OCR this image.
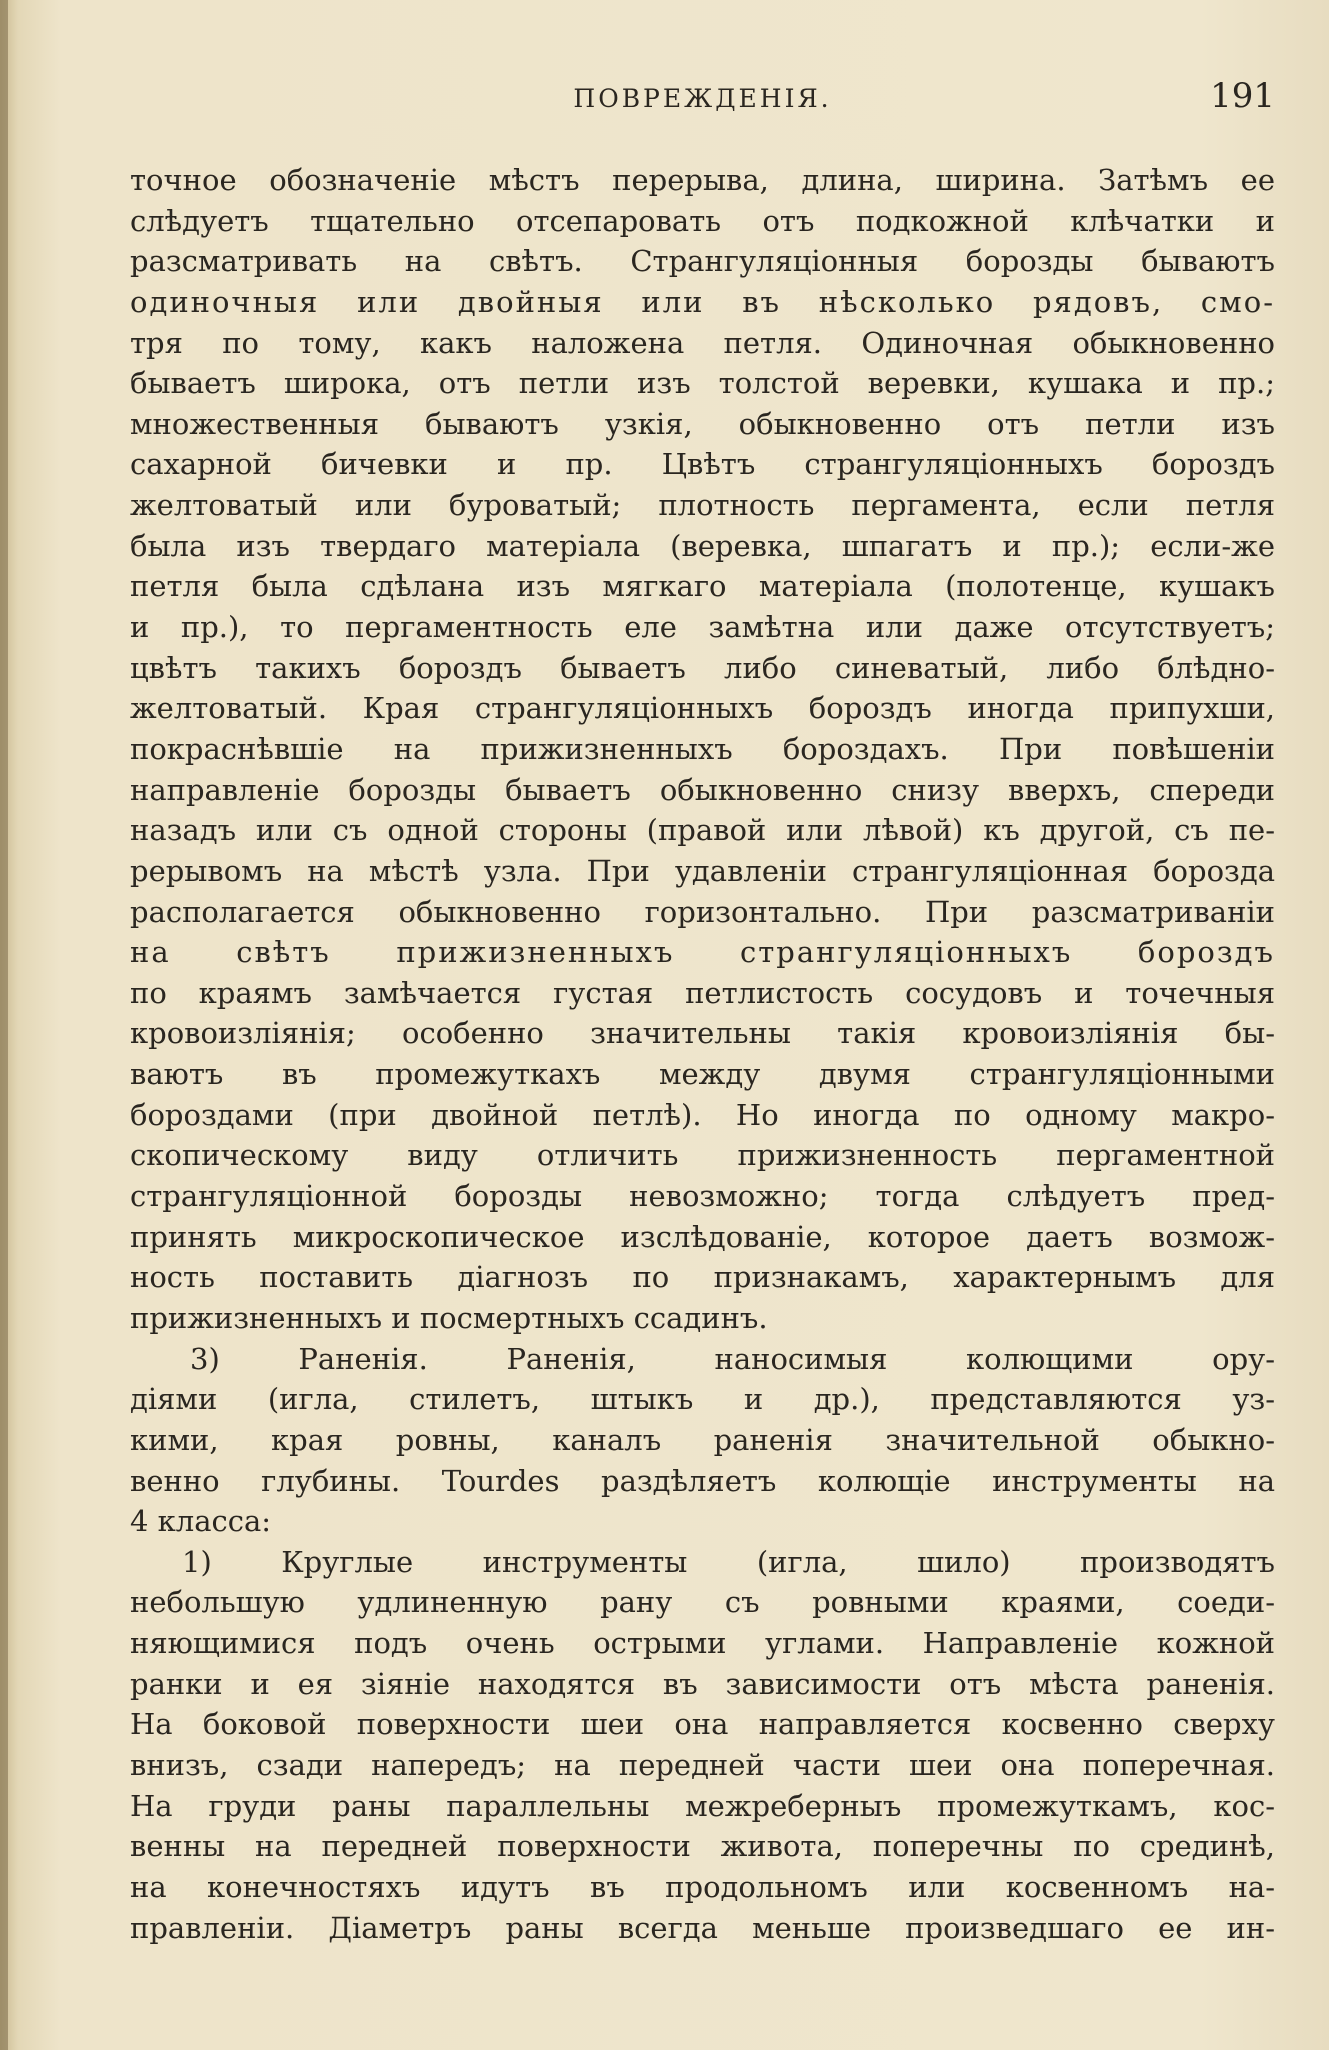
ПОВРЕЖДЕНІЯ.	191
точное обозначеніе мѣстъ перерыва, длина, ширина. Затѣмъ ее
слѣдуетъ тщательно отсепаровать отъ подкожной клѣчатки и
разсматривать на свѣтъ. Странгуляціонныя борозды бываютъ
одиночныя или двойныя или въ нѣсколько рядовъ, смо-
тря по тому, какъ наложена петля. Одиночная обыкновенно
бываетъ широка, отъ петли изъ толстой веревки, кушака и пр.;
множественныя бываютъ узкія, обыкновенно отъ петли изъ
сахарной бичевки и пр. Цвѣтъ странгуляціонныхъ бороздъ
желтоватый или буроватый; плотность пергамента, если петля
была изъ твердаго матеріала (веревка, шпагатъ и пр.); если-же
петля была сдѣлана изъ мягкаго матеріала (полотенце, кушакъ
и пр.), то пергаментность еле замѣтна или даже отсутствуетъ;
цвѣтъ такихъ бороздъ бываетъ либо синеватый, либо блѣдно-
желтоватый. Края странгуляціонныхъ бороздъ иногда припухши,
покраснѣвшіе на прижизненныхъ бороздахъ. При повѣшеніи
направленіе борозды бываетъ обыкновенно снизу вверхъ, спереди
назадъ или съ одной стороны (правой или лѣвой) къ другой, съ пе-
рерывомъ на мѣстѣ узла. При удавленіи странгуляціонная борозда
располагается обыкновенно горизонтально. При разсматриваніи
на свѣтъ прижизненныхъ странгуляціонныхъ бороздъ
по краямъ замѣчается густая петлистость сосудовъ и точечныя
кровоизліянія; особенно значительны такія кровоизліянія бы-
ваютъ въ промежуткахъ между двумя странгуляціонными
бороздами (при двойной петлѣ). Но иногда по одному макро-
скопическому виду отличить прижизненность пергаментной
странгуляціонной борозды невозможно; тогда слѣдуетъ пред-
принять микроскопическое изслѣдованіе, которое даетъ возмож-
ность поставить діагнозъ по признакамъ, характернымъ для
прижизненныхъ и посмертныхъ ссадинъ.
3) Раненія. Раненія, наносимыя колющими ору-
діями (игла, стилетъ, штыкъ и др.), представляются уз-
кими, края ровны, каналъ раненія значительной обыкно-
венно глубины. Tourdes раздѣляетъ колющіе инструменты на
4 класса:
1) Круглые инструменты (игла, шило) производятъ
небольшую удлиненную рану съ ровными краями, соеди-
няющимися подъ очень острыми углами. Направленіе кожной
ранки и ея зіяніе находятся въ зависимости отъ мѣста раненія.
На боковой поверхности шеи она направляется косвенно сверху
внизъ, сзади напередъ; на передней части шеи она поперечная.
На груди раны параллельны межреберныъ промежуткамъ, кос-
венны на передней поверхности живота, поперечны по срединѣ,
на конечностяхъ идутъ въ продольномъ или косвенномъ на-
правленіи. Діаметръ раны всегда меньше произведшаго ее ин-
